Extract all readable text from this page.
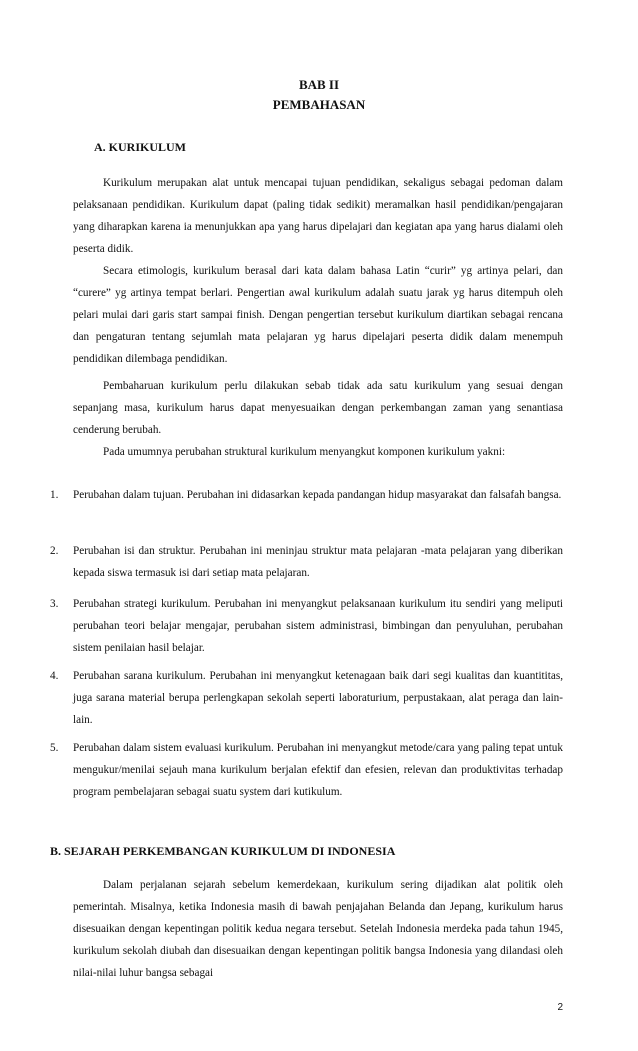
BAB II
PEMBAHASAN
A. KURIKULUM

Kurikulum merupakan alat untuk mencapai tujuan pendidikan, sekaligus sebagai pedoman dalam pelaksanaan pendidikan. Kurikulum dapat (paling tidak sedikit) meramalkan hasil pendidikan/pengajaran yang diharapkan karena ia menunjukkan apa yang harus dipelajari dan kegiatan apa yang harus dialami oleh peserta didik.

Secara etimologis, kurikulum berasal dari kata dalam bahasa Latin “curir” yg artinya pelari, dan “curere” yg artinya tempat berlari. Pengertian awal kurikulum adalah suatu jarak yg harus ditempuh oleh pelari mulai dari garis start sampai finish. Dengan pengertian tersebut kurikulum diartikan sebagai rencana dan pengaturan tentang sejumlah mata pelajaran yg harus dipelajari peserta didik dalam menempuh pendidikan dilembaga pendidikan.

Pembaharuan kurikulum perlu dilakukan sebab tidak ada satu kurikulum yang sesuai dengan sepanjang masa, kurikulum harus dapat menyesuaikan dengan perkembangan zaman yang senantiasa cenderung berubah.

Pada umumnya perubahan struktural kurikulum menyangkut komponen kurikulum yakni:

1. Perubahan dalam tujuan. Perubahan ini didasarkan kepada pandangan hidup masyarakat dan falsafah bangsa.
2. Perubahan isi dan struktur. Perubahan ini meninjau struktur mata pelajaran -mata pelajaran yang diberikan kepada siswa termasuk isi dari setiap mata pelajaran.
3. Perubahan strategi kurikulum. Perubahan ini menyangkut pelaksanaan kurikulum itu sendiri yang meliputi perubahan teori belajar mengajar, perubahan sistem administrasi, bimbingan dan penyuluhan, perubahan sistem penilaian hasil belajar.
4. Perubahan sarana kurikulum. Perubahan ini menyangkut ketenagaan baik dari segi kualitas dan kuantititas, juga sarana material berupa perlengkapan sekolah seperti laboraturium, perpustakaan, alat peraga dan lain-lain.
5. Perubahan dalam sistem evaluasi kurikulum. Perubahan ini menyangkut metode/cara yang paling tepat untuk mengukur/menilai sejauh mana kurikulum berjalan efektif dan efesien, relevan dan produktivitas terhadap program pembelajaran sebagai suatu system dari kutikulum.
B. SEJARAH PERKEMBANGAN KURIKULUM DI INDONESIA

Dalam perjalanan sejarah sebelum kemerdekaan, kurikulum sering dijadikan alat politik oleh pemerintah. Misalnya, ketika Indonesia masih di bawah penjajahan Belanda dan Jepang, kurikulum harus disesuaikan dengan kepentingan politik kedua negara tersebut. Setelah Indonesia merdeka pada tahun 1945, kurikulum sekolah diubah dan disesuaikan dengan kepentingan politik bangsa Indonesia yang dilandasi oleh nilai-nilai luhur bangsa sebagai

2
